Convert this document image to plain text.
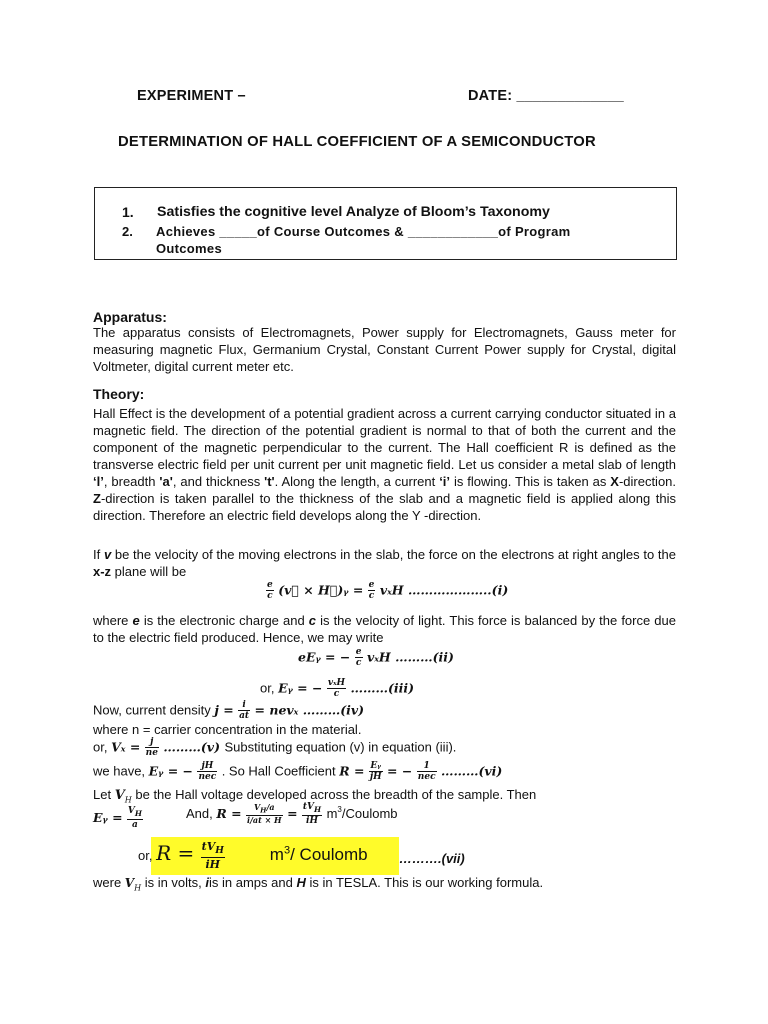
EXPERIMENT –	DATE: _____________
DETERMINATION OF HALL COEFFICIENT OF A SEMICONDUCTOR
1. Satisfies the cognitive level Analyze of Bloom’s Taxonomy
2. Achieves _____of Course Outcomes & ____________of Program
Outcomes
Apparatus:
The apparatus consists of Electromagnets, Power supply for Electromagnets, Gauss meter for measuring magnetic Flux, Germanium Crystal, Constant Current Power supply for Crystal, digital Voltmeter, digital current meter etc.
Theory:
Hall Effect is the development of a potential gradient across a current carrying conductor situated in a magnetic field. The direction of the potential gradient is normal to that of both the current and the component of the magnetic perpendicular to the current. The Hall coefficient R is defined as the transverse electric field per unit current per unit magnetic field. Let us consider a metal slab of length ‘l’, breadth 'a', and thickness 't'. Along the length, a current ‘i’ is flowing. This is taken as X-direction. Z-direction is taken parallel to the thickness of the slab and a magnetic field is applied along this direction. Therefore an electric field develops along the Y -direction.
If v be the velocity of the moving electrons in the slab, the force on the electrons at right angles to the x-z plane will be
$\frac{e}{c}$ (v⃗ × H⃗)ᵧ = $\frac{e}{c}$ vₓH ………………..(i)
where e is the electronic charge and c is the velocity of light. This force is balanced by the force due to the electric field produced. Hence, we may write
eEᵧ = − $\frac{e}{c}$ vₓH ………(ii)
or, Eᵧ = − $\frac{\text{vₓH}}{c}$ ………(iii)
Now, current density $j = \frac{i}{at} = nev_x$ ………(iv)
where n = carrier concentration in the material.
or, $V_x = \frac{j}{ne}$ ………(v) Substituting equation (v) in equation (iii).
we have, Eᵧ = − $\frac{jH}{\text{nec}}$ . So Hall Coefficient $R = \frac{\text{Eᵧ}}{jH}$ = − $\frac{1}{\text{nec}}$ ………(vi)
Let $V_H$ be the Hall voltage developed across the breadth of the sample. Then
Eᵧ = $\frac{V_H}{a}$	And, $R = \frac{V_H/a}{i/at \times H} = \frac{tV_H}{iH}$ $m^3$/Coulomb
or, $R = \frac{tV_H}{iH}$	$m^3/$ Coulomb ……….(vii)
were $V_H$ is in volts, iis in amps and H is in TESLA. This is our working formula.
